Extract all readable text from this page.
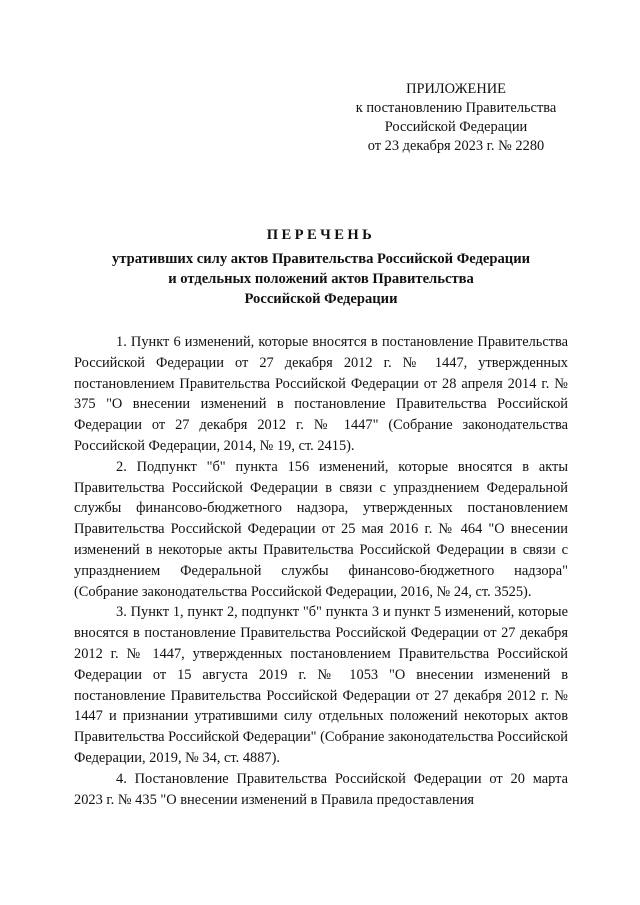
ПРИЛОЖЕНИЕ
к постановлению Правительства
Российской Федерации
от 23 декабря 2023 г. № 2280
ПЕРЕЧЕНЬ
утративших силу актов Правительства Российской Федерации
и отдельных положений актов Правительства
Российской Федерации

1. Пункт 6 изменений, которые вносятся в постановление Правительства Российской Федерации от 27 декабря 2012 г. № 1447, утвержденных постановлением Правительства Российской Федерации от 28 апреля 2014 г. № 375 "О внесении изменений в постановление Правительства Российской Федерации от 27 декабря 2012 г. № 1447" (Собрание законодательства Российской Федерации, 2014, № 19, ст. 2415).

2. Подпункт "б" пункта 156 изменений, которые вносятся в акты Правительства Российской Федерации в связи с упразднением Федеральной службы финансово-бюджетного надзора, утвержденных постановлением Правительства Российской Федерации от 25 мая 2016 г. № 464 "О внесении изменений в некоторые акты Правительства Российской Федерации в связи с упразднением Федеральной службы финансово-бюджетного надзора" (Собрание законодательства Российской Федерации, 2016, № 24, ст. 3525).

3. Пункт 1, пункт 2, подпункт "б" пункта 3 и пункт 5 изменений, которые вносятся в постановление Правительства Российской Федерации от 27 декабря 2012 г. № 1447, утвержденных постановлением Правительства Российской Федерации от 15 августа 2019 г. № 1053 "О внесении изменений в постановление Правительства Российской Федерации от 27 декабря 2012 г. № 1447 и признании утратившими силу отдельных положений некоторых актов Правительства Российской Федерации" (Собрание законодательства Российской Федерации, 2019, № 34, ст. 4887).

4. Постановление Правительства Российской Федерации от 20 марта 2023 г. № 435 "О внесении изменений в Правила предоставления
